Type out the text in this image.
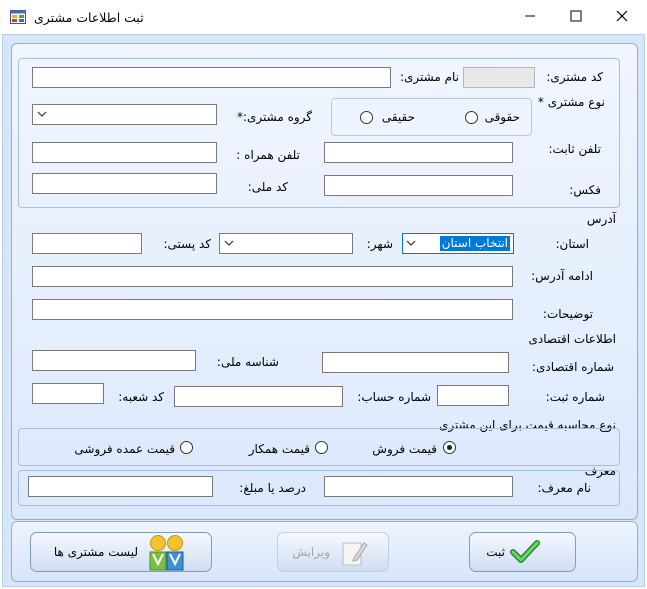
ثبت اطلاعات مشتری
کد مشتری:
نام مشتری:
نوع مشتری *
حقوقی
حقیقی
گروه مشتری:*
تلفن ثابت:
تلفن همراه :
فکس:
کد ملی:
آدرس
استان:
انتخاب استان
شهر:
کد پستی:
ادامه آدرس:
توضیحات:
اطلاعات اقتصادی
شماره اقتصادی:
شناسه ملی:
شماره ثبت:
شماره حساب:
کد شعبه:
نوع محاسبه قیمت برای این مشتری
قیمت فروش
قیمت همکار
قیمت عمده فروشی
معرف
نام معرف:
درصد یا مبلغ:
ثبت
ویرایش
لیست مشتری ها
